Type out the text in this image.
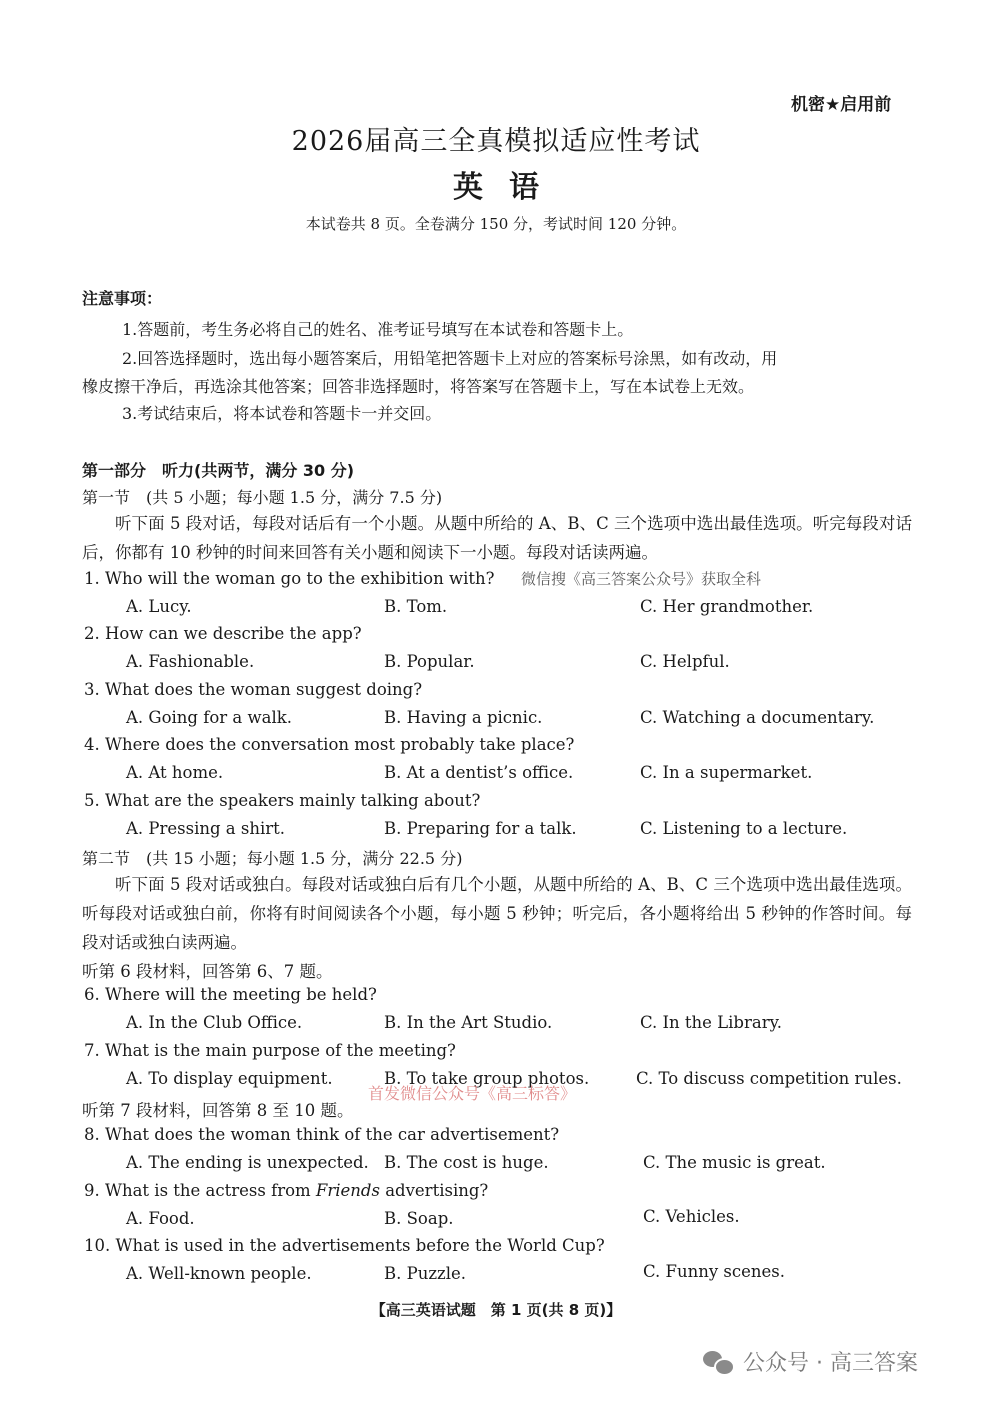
机密★启用前
2026届高三全真模拟适应性考试
英语
本试卷共 8 页。全卷满分 150 分，考试时间 120 分钟。
注意事项：
1.答题前，考生务必将自己的姓名、准考证号填写在本试卷和答题卡上。
2.回答选择题时，选出每小题答案后，用铅笔把答题卡上对应的答案标号涂黑，如有改动，用
橡皮擦干净后，再选涂其他答案；回答非选择题时，将答案写在答题卡上，写在本试卷上无效。
3.考试结束后，将本试卷和答题卡一并交回。
第一部分　听力(共两节，满分 30 分)
第一节　(共 5 小题；每小题 1.5 分，满分 7.5 分)
听下面 5 段对话，每段对话后有一个小题。从题中所给的 A、B、C 三个选项中选出最佳选项。听完每段对话后，你都有 10 秒钟的时间来回答有关小题和阅读下一小题。每段对话读两遍。
1. Who will the woman go to the exhibition with? 微信搜《高三答案公众号》获取全科
A. Lucy.	B. Tom.	C. Her grandmother.
2. How can we describe the app?
A. Fashionable.	B. Popular.	C. Helpful.
3. What does the woman suggest doing?
A. Going for a walk.	B. Having a picnic.	C. Watching a documentary.
4. Where does the conversation most probably take place?
A. At home.	B. At a dentist’s office.	C. In a supermarket.
5. What are the speakers mainly talking about?
A. Pressing a shirt.	B. Preparing for a talk.	C. Listening to a lecture.
第二节　(共 15 小题；每小题 1.5 分，满分 22.5 分)
听下面 5 段对话或独白。每段对话或独白后有几个小题，从题中所给的 A、B、C 三个选项中选出最佳选项。听每段对话或独白前，你将有时间阅读各个小题，每小题 5 秒钟；听完后，各小题将给出 5 秒钟的作答时间。每段对话或独白读两遍。
听第 6 段材料，回答第 6、7 题。
6. Where will the meeting be held?
A. In the Club Office.	B. In the Art Studio.	C. In the Library.
7. What is the main purpose of the meeting?
A. To display equipment.	B. To take group photos.	C. To discuss competition rules.
首发微信公众号《高三标答》
听第 7 段材料，回答第 8 至 10 题。
8. What does the woman think of the car advertisement?
A. The ending is unexpected. B. The cost is huge.	C. The music is great.
9. What is the actress from Friends advertising?
A. Food.	B. Soap.	C. Vehicles.
10. What is used in the advertisements before the World Cup?
A. Well-known people.	B. Puzzle.	C. Funny scenes.
【高三英语试题　第 1 页(共 8 页)】
公众号 · 高三答案
